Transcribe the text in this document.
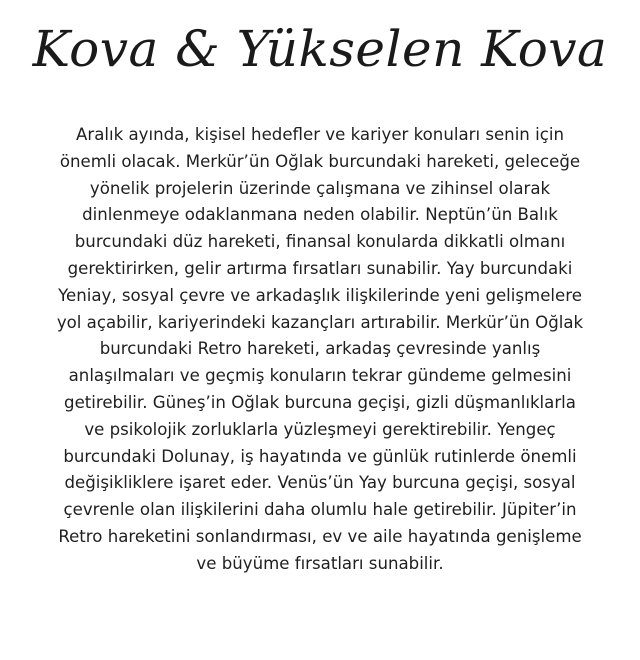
Kova & Yükselen Kova

Aralık ayında, kişisel hedefler ve kariyer konuları senin için
önemli olacak. Merkür’ün Oğlak burcundaki hareketi, geleceğe
yönelik projelerin üzerinde çalışmana ve zihinsel olarak
dinlenmeye odaklanmana neden olabilir. Neptün’ün Balık
burcundaki düz hareketi, finansal konularda dikkatli olmanı
gerektirirken, gelir artırma fırsatları sunabilir. Yay burcundaki
Yeniay, sosyal çevre ve arkadaşlık ilişkilerinde yeni gelişmelere
yol açabilir, kariyerindeki kazançları artırabilir. Merkür’ün Oğlak
burcundaki Retro hareketi, arkadaş çevresinde yanlış
anlaşılmaları ve geçmiş konuların tekrar gündeme gelmesini
getirebilir. Güneş’in Oğlak burcuna geçişi, gizli düşmanlıklarla
ve psikolojik zorluklarla yüzleşmeyi gerektirebilir. Yengeç
burcundaki Dolunay, iş hayatında ve günlük rutinlerde önemli
değişikliklere işaret eder. Venüs’ün Yay burcuna geçişi, sosyal
çevrenle olan ilişkilerini daha olumlu hale getirebilir. Jüpiter’in
Retro hareketini sonlandırması, ev ve aile hayatında genişleme
ve büyüme fırsatları sunabilir.
